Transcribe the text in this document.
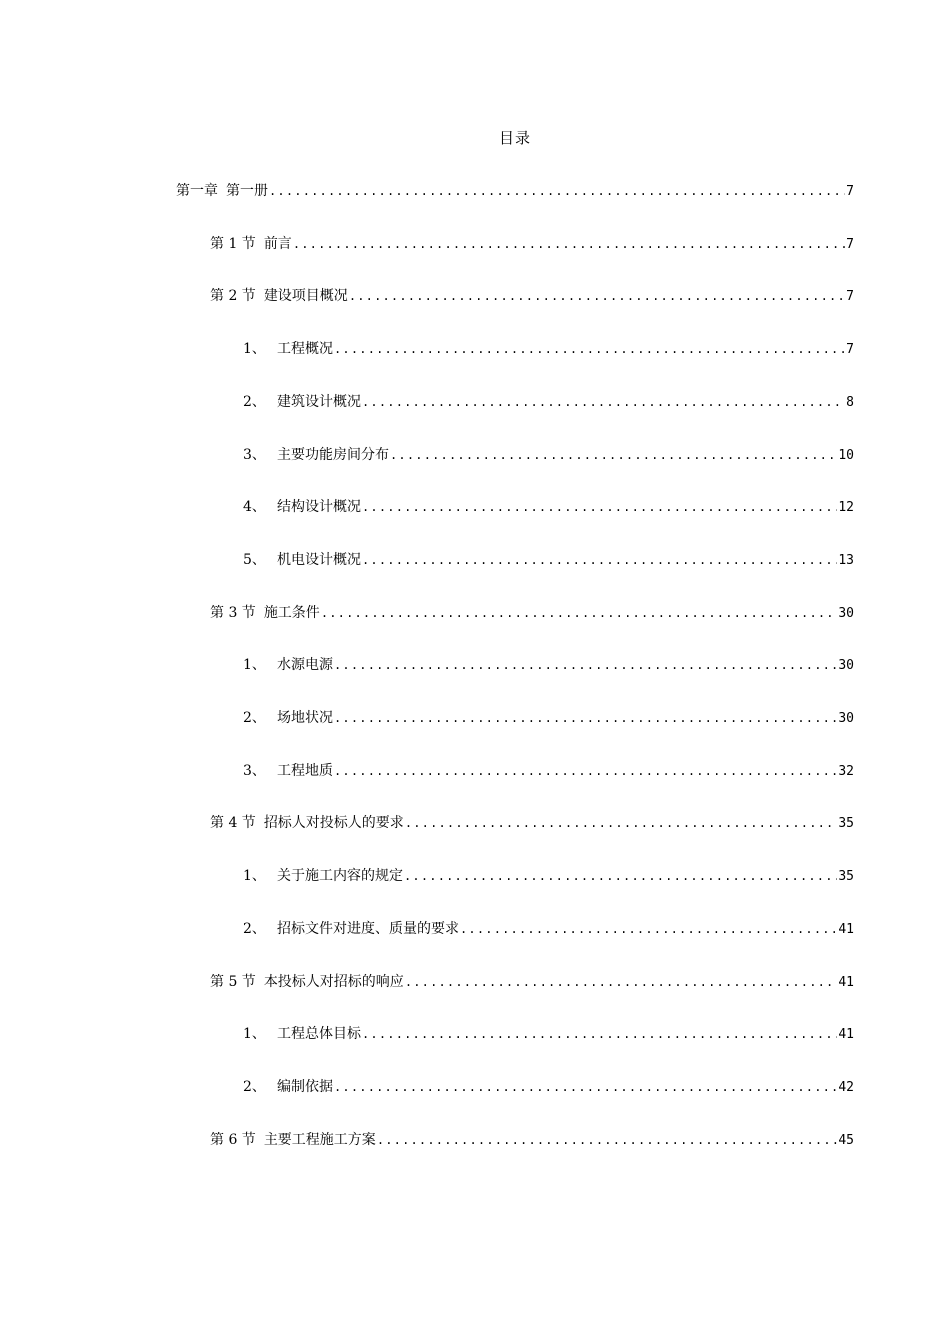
目录
第一章 第一册 .....	7
第 1 节 前言 .....	7
第 2 节 建设项目概况 .....	7
1、 工程概况 .....	7
2、 建筑设计概况 .....	8
3、 主要功能房间分布 .....	10
4、 结构设计概况 .....	12
5、 机电设计概况 .....	13
第 3 节 施工条件 .....	30
1、 水源电源 .....	30
2、 场地状况 .....	30
3、 工程地质 .....	32
第 4 节 招标人对投标人的要求 .....	35
1、 关于施工内容的规定 .....	35
2、 招标文件对进度、质量的要求 .....	41
第 5 节 本投标人对招标的响应 .....	41
1、 工程总体目标 .....	41
2、 编制依据 .....	42
第 6 节 主要工程施工方案 .....	45
